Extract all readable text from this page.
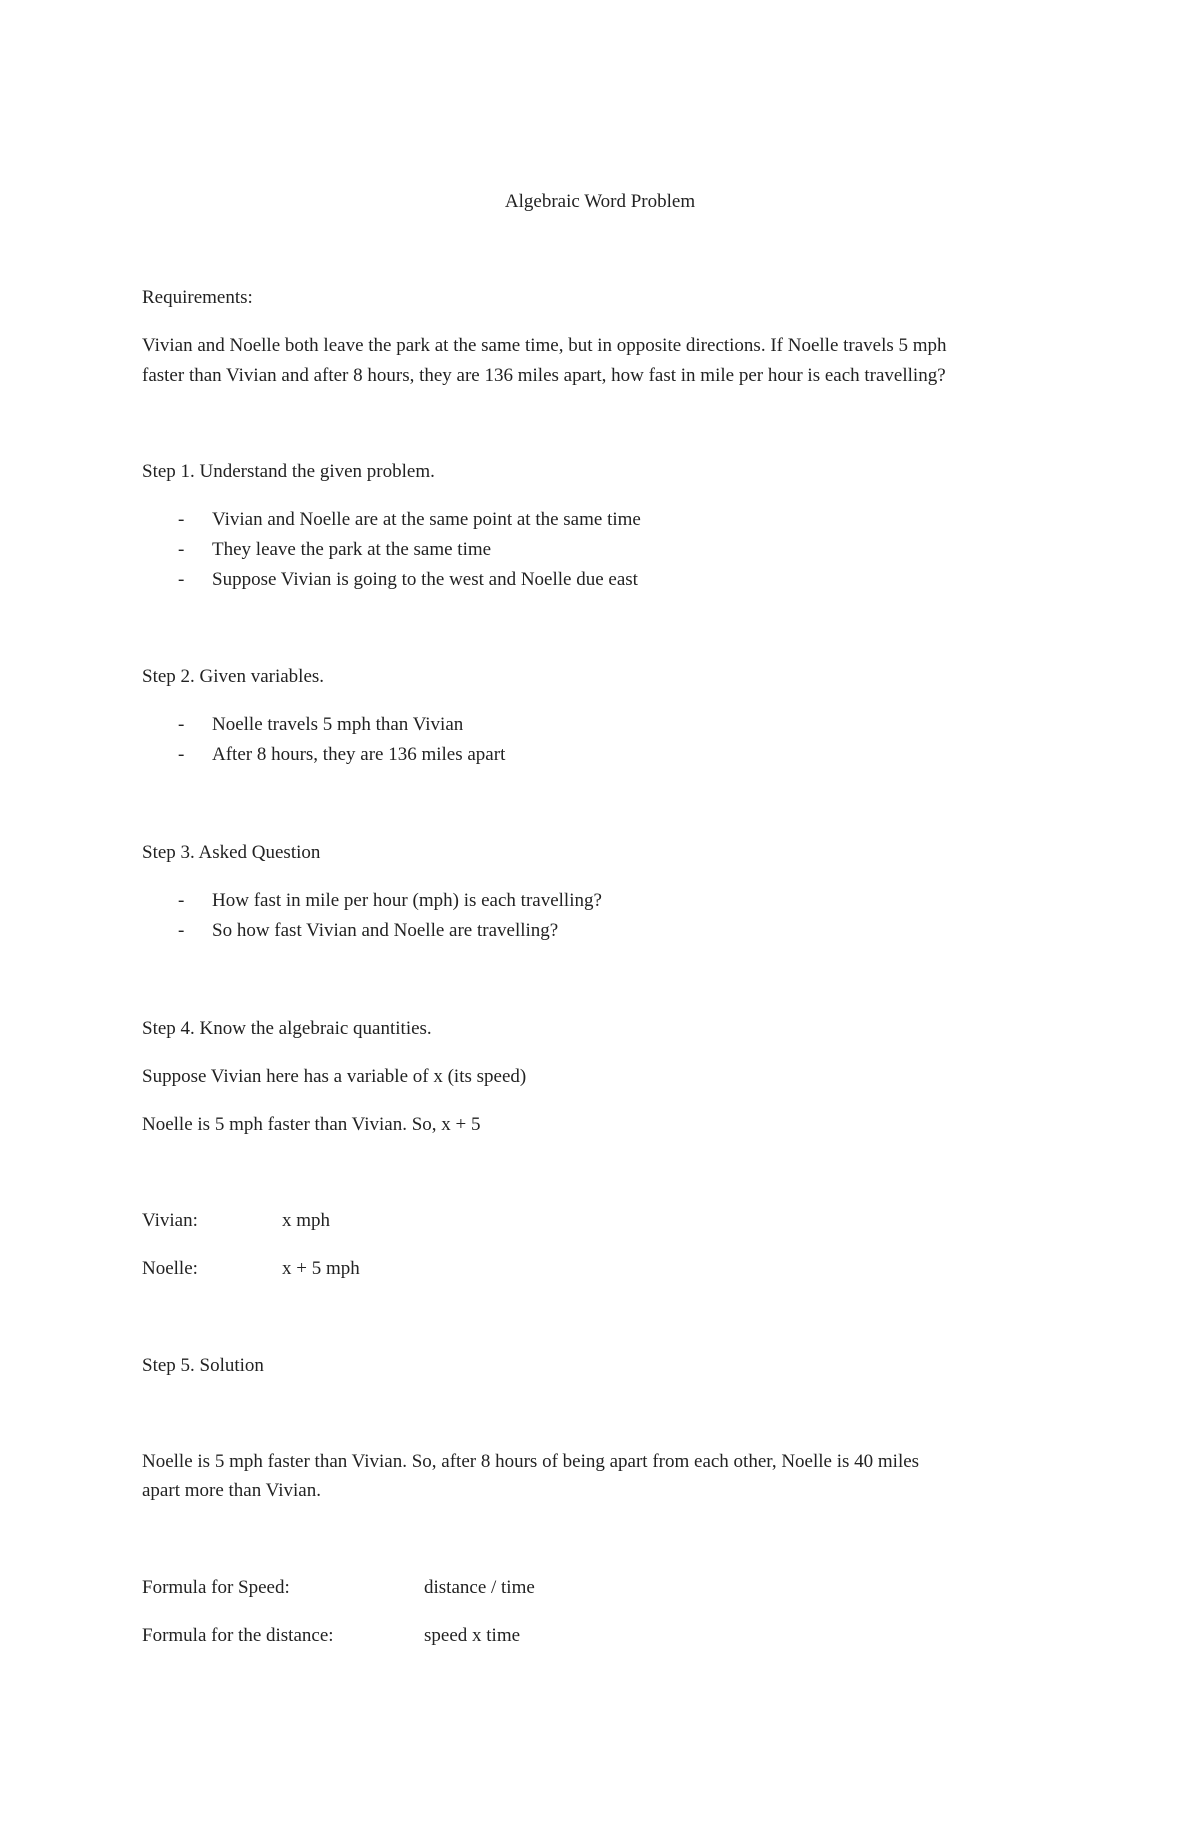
Algebraic Word Problem
Requirements:
Vivian and Noelle both leave the park at the same time, but in opposite directions. If Noelle travels 5 mph
faster than Vivian and after 8 hours, they are 136 miles apart, how fast in mile per hour is each travelling?
Step 1. Understand the given problem.
- Vivian and Noelle are at the same point at the same time
- They leave the park at the same time
- Suppose Vivian is going to the west and Noelle due east
Step 2. Given variables.
- Noelle travels 5 mph than Vivian
- After 8 hours, they are 136 miles apart
Step 3. Asked Question
- How fast in mile per hour (mph) is each travelling?
- So how fast Vivian and Noelle are travelling?
Step 4. Know the algebraic quantities.
Suppose Vivian here has a variable of x (its speed)
Noelle is 5 mph faster than Vivian. So, x + 5
Vivian:	x mph
Noelle:	x + 5 mph
Step 5. Solution
Noelle is 5 mph faster than Vivian. So, after 8 hours of being apart from each other, Noelle is 40 miles
apart more than Vivian.
Formula for Speed:	distance / time
Formula for the distance:	speed x time
